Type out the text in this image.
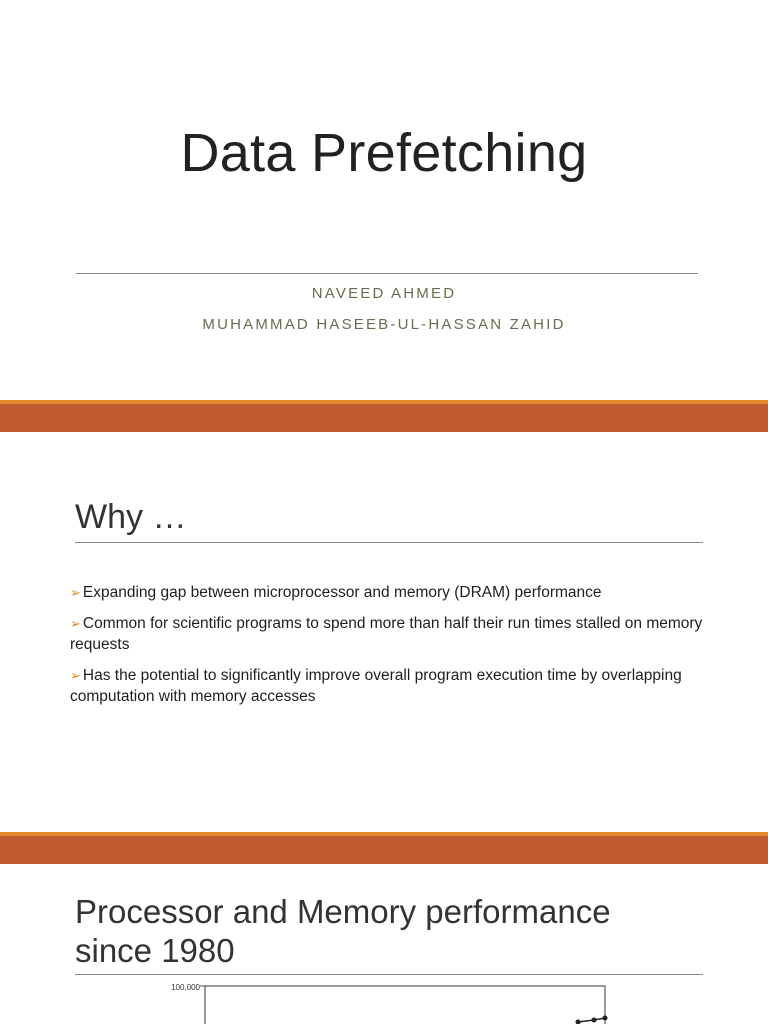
Data Prefetching
NAVEED AHMED
MUHAMMAD HASEEB-UL-HASSAN ZAHID
Why …
➢ Expanding gap between microprocessor and memory (DRAM) performance
➢ Common for scientific programs to spend more than half their run times stalled on memory requests
➢ Has the potential to significantly improve overall program execution time by overlapping computation with memory accesses
Processor and Memory performance
since 1980
100,000
